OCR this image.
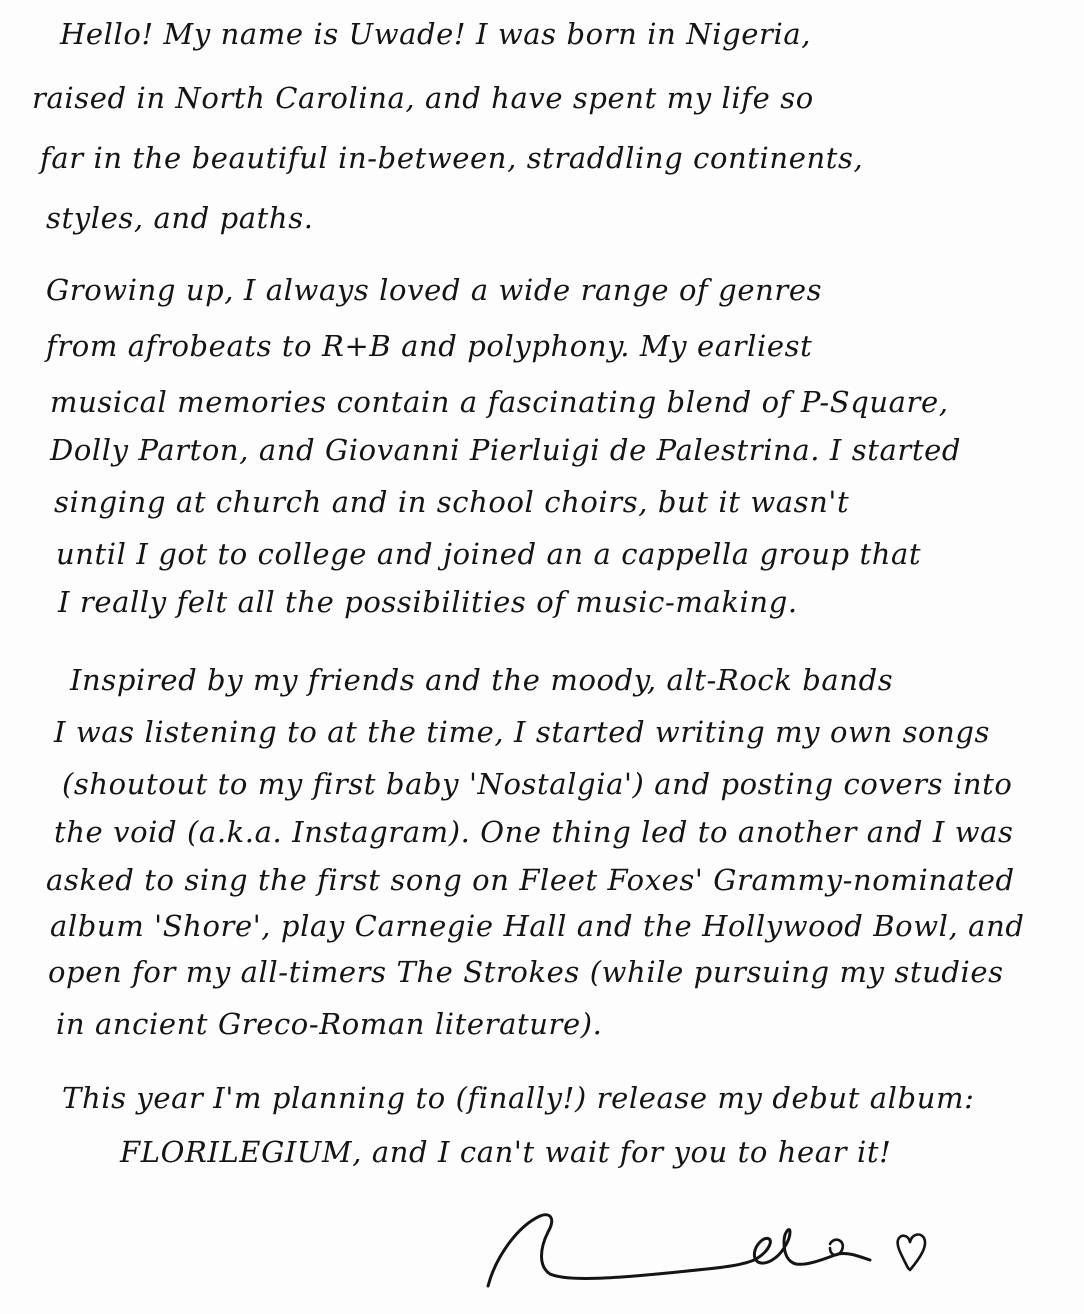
Hello! My name is Uwade! I was born in Nigeria,
raised in North Carolina, and have spent my life so
far in the beautiful in-between, straddling continents,
styles, and paths.
Growing up, I always loved a wide range of genres
from afrobeats to R+B and polyphony. My earliest
musical memories contain a fascinating blend of P-Square,
Dolly Parton, and Giovanni Pierluigi de Palestrina. I started
singing at church and in school choirs, but it wasn't
until I got to college and joined an a cappella group that
I really felt all the possibilities of music-making.
Inspired by my friends and the moody, alt-Rock bands
I was listening to at the time, I started writing my own songs
(shoutout to my first baby 'Nostalgia') and posting covers into
the void (a.k.a. Instagram). One thing led to another and I was
asked to sing the first song on Fleet Foxes' Grammy-nominated
album 'Shore', play Carnegie Hall and the Hollywood Bowl, and
open for my all-timers The Strokes (while pursuing my studies
in ancient Greco-Roman literature).
This year I'm planning to (finally!) release my debut album:
FLORILEGIUM, and I can't wait for you to hear it!
